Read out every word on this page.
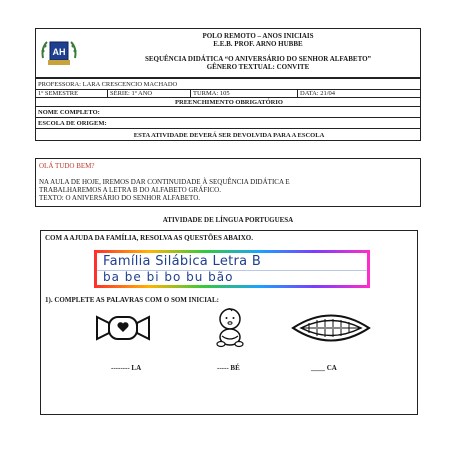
AH
POLO REMOTO – ANOS INICIAIS
E.E.B. PROF. ARNO HUBBE
SEQUÊNCIA DIDÁTICA “O ANIVERSÁRIO DO SENHOR ALFABETO”
GÊNERO TEXTUAL: CONVITE
PROFESSORA: LARA CRESCENCIO MACHADO
1º SEMESTRE	SÉRIE: 1º ANO	TURMA: 105	DATA: 21/04
PREENCHIMENTO OBRIGATÓRIO
NOME COMPLETO:
ESCOLA DE ORIGEM:
ESTA ATIVIDADE DEVERÁ SER DEVOLVIDA PARA A ESCOLA
OLÁ TUDO BEM?
NA AULA DE HOJE, IREMOS DAR CONTINUIDADE À SEQUÊNCIA DIDÁTICA E
TRABALHAREMOS A LETRA B DO ALFABETO GRÁFICO.
TEXTO: O ANIVERSÁRIO DO SENHOR ALFABETO.
ATIVIDADE DE LÍNGUA PORTUGUESA
COM A AJUDA DA FAMÍLIA, RESOLVA AS QUESTÕES ABAIXO.
Família Silábica Letra B
ba be bi bo bu bão
1). COMPLETE AS PALAVRAS COM O SOM INICIAL:
-------- LA	----- BÉ	____ CA
